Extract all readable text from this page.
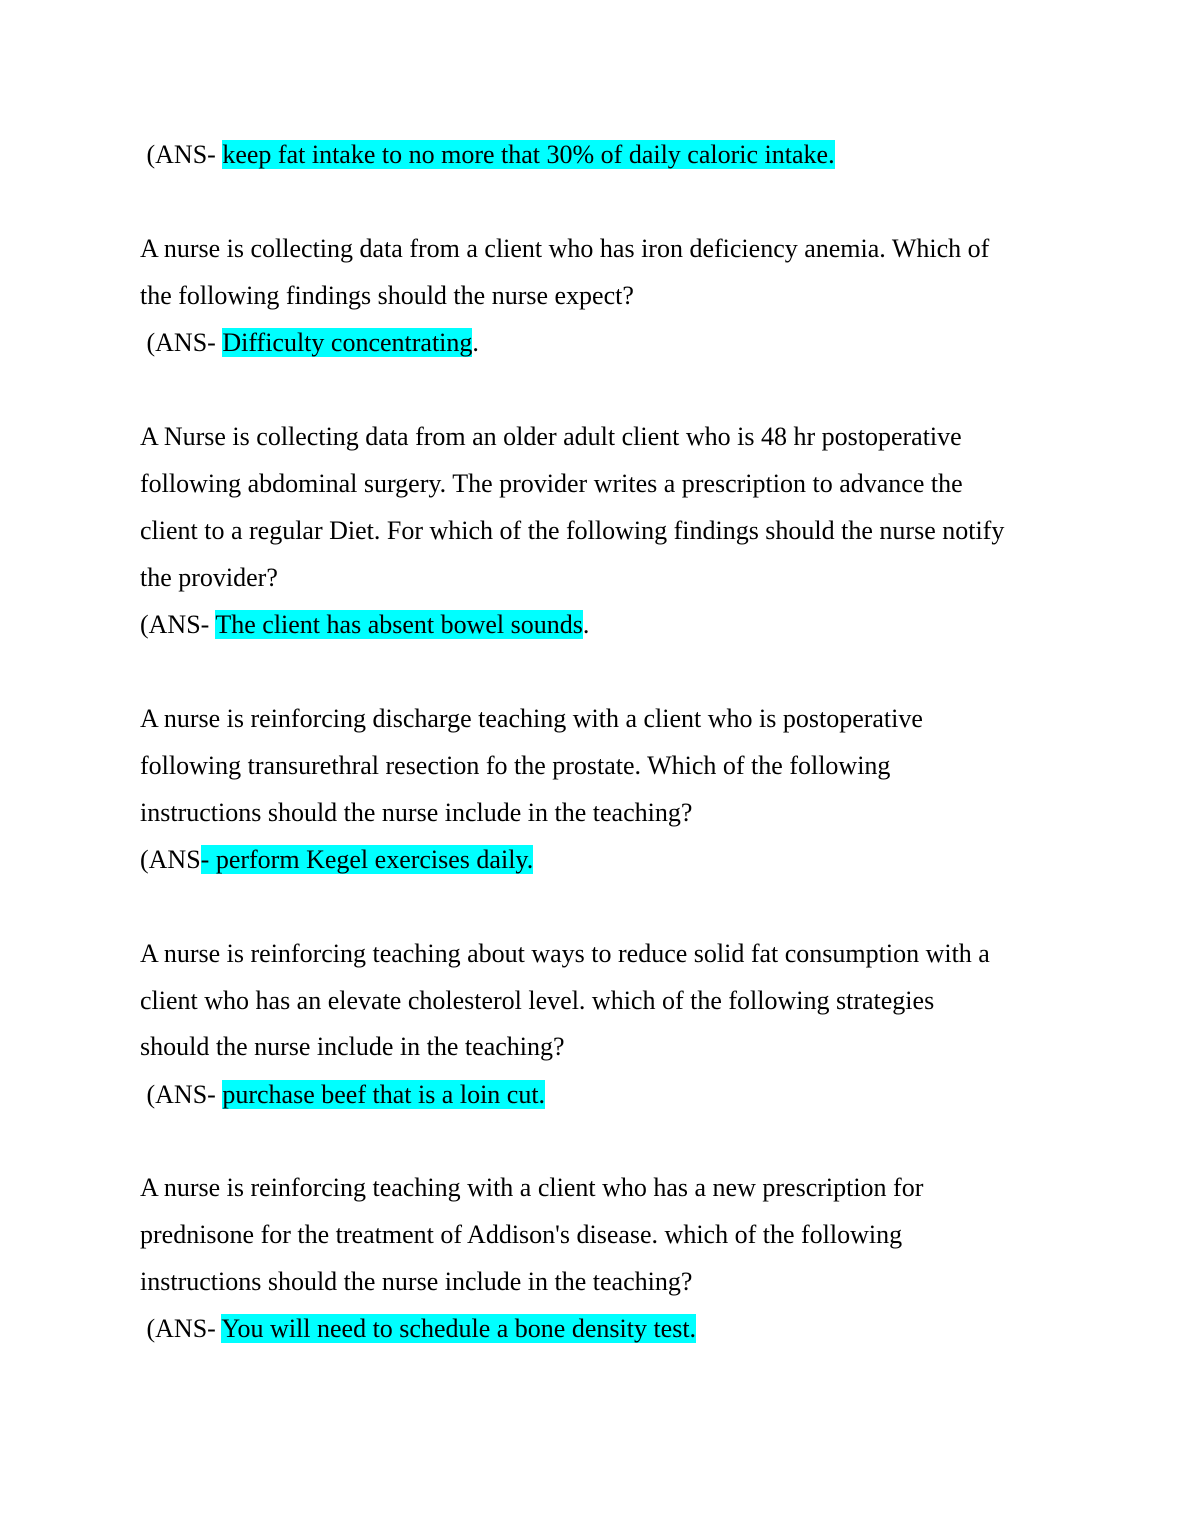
(ANS- keep fat intake to no more that 30% of daily caloric intake.
A nurse is collecting data from a client who has iron deficiency anemia. Which of
the following findings should the nurse expect?
(ANS- Difficulty concentrating.
A Nurse is collecting data from an older adult client who is 48 hr postoperative
following abdominal surgery. The provider writes a prescription to advance the
client to a regular Diet. For which of the following findings should the nurse notify
the provider?
(ANS- The client has absent bowel sounds.
A nurse is reinforcing discharge teaching with a client who is postoperative
following transurethral resection fo the prostate. Which of the following
instructions should the nurse include in the teaching?
(ANS- perform Kegel exercises daily.
A nurse is reinforcing teaching about ways to reduce solid fat consumption with a
client who has an elevate cholesterol level. which of the following strategies
should the nurse include in the teaching?
(ANS- purchase beef that is a loin cut.
A nurse is reinforcing teaching with a client who has a new prescription for
prednisone for the treatment of Addison's disease. which of the following
instructions should the nurse include in the teaching?
(ANS- You will need to schedule a bone density test.
